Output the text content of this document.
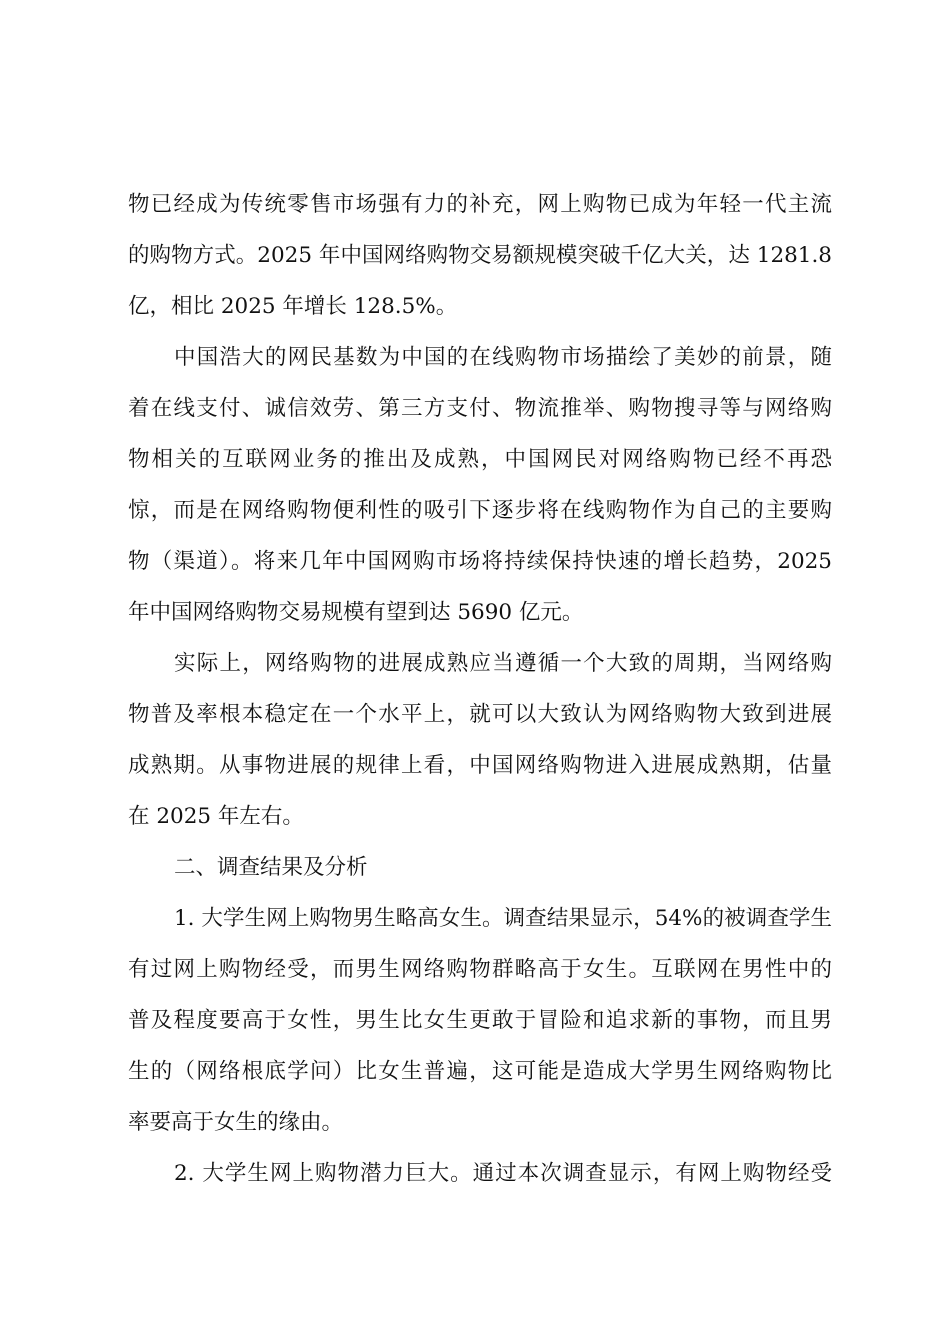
物已经成为传统零售市场强有力的补充，网上购物已成为年轻一代主流
的购物方式。2025 年中国网络购物交易额规模突破千亿大关，达 1281.8
亿，相比 2025 年增长 128.5%。
中国浩大的网民基数为中国的在线购物市场描绘了美妙的前景，随
着在线支付、诚信效劳、第三方支付、物流推举、购物搜寻等与网络购
物相关的互联网业务的推出及成熟，中国网民对网络购物已经不再恐
惊，而是在网络购物便利性的吸引下逐步将在线购物作为自己的主要购
物（渠道）。将来几年中国网购市场将持续保持快速的增长趋势，2025
年中国网络购物交易规模有望到达 5690 亿元。
实际上，网络购物的进展成熟应当遵循一个大致的周期，当网络购
物普及率根本稳定在一个水平上，就可以大致认为网络购物大致到进展
成熟期。从事物进展的规律上看，中国网络购物进入进展成熟期，估量
在 2025 年左右。
二、调查结果及分析
1. 大学生网上购物男生略高女生。调查结果显示，54%的被调查学生
有过网上购物经受，而男生网络购物群略高于女生。互联网在男性中的
普及程度要高于女性，男生比女生更敢于冒险和追求新的事物，而且男
生的（网络根底学问）比女生普遍，这可能是造成大学男生网络购物比
率要高于女生的缘由。
2. 大学生网上购物潜力巨大。通过本次调查显示，有网上购物经受
